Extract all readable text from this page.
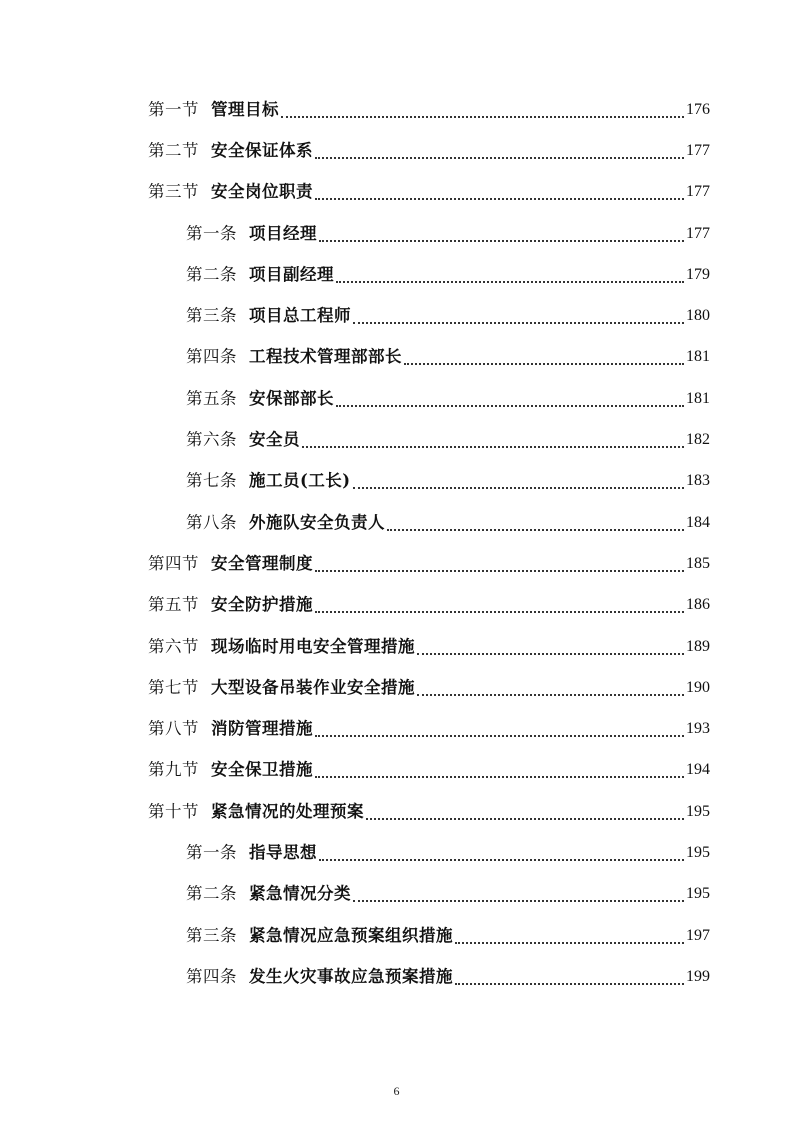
第一节 管理目标	176
第二节 安全保证体系	177
第三节 安全岗位职责	177
第一条 项目经理	177
第二条 项目副经理	179
第三条 项目总工程师	180
第四条 工程技术管理部部长	181
第五条 安保部部长	181
第六条 安全员	182
第七条 施工员(工长)	183
第八条 外施队安全负责人	184
第四节 安全管理制度	185
第五节 安全防护措施	186
第六节 现场临时用电安全管理措施	189
第七节 大型设备吊装作业安全措施	190
第八节 消防管理措施	193
第九节 安全保卫措施	194
第十节 紧急情况的处理预案	195
第一条 指导思想	195
第二条 紧急情况分类	195
第三条 紧急情况应急预案组织措施	197
第四条 发生火灾事故应急预案措施	199
6
